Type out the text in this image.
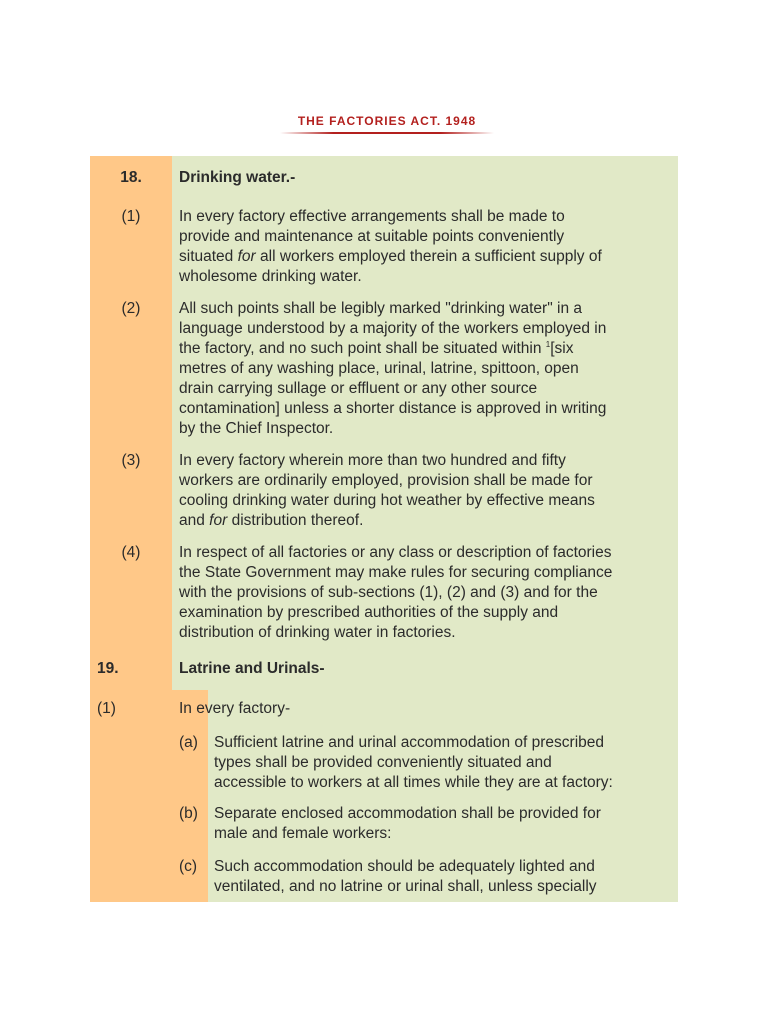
THE FACTORIES ACT. 1948
18.	Drinking water.-
(1)	In every factory effective arrangements shall be made to
provide and maintenance at suitable points conveniently
situated for all workers employed therein a sufficient supply of
wholesome drinking water.
(2)	All such points shall be legibly marked "drinking water" in a
language understood by a majority of the workers employed in
the factory, and no such point shall be situated within $^1$[six
metres of any washing place, urinal, latrine, spittoon, open
drain carrying sullage or effluent or any other source
contamination] unless a shorter distance is approved in writing
by the Chief Inspector.
(3)	In every factory wherein more than two hundred and fifty
workers are ordinarily employed, provision shall be made for
cooling drinking water during hot weather by effective means
and for distribution thereof.
(4)	In respect of all factories or any class or description of factories
the State Government may make rules for securing compliance
with the provisions of sub-sections (1), (2) and (3) and for the
examination by prescribed authorities of the supply and
distribution of drinking water in factories.
19.	Latrine and Urinals-
(1)	In every factory-
(a) Sufficient latrine and urinal accommodation of prescribed
types shall be provided conveniently situated and
accessible to workers at all times while they are at factory:
(b) Separate enclosed accommodation shall be provided for
male and female workers:
(c) Such accommodation should be adequately lighted and
ventilated, and no latrine or urinal shall, unless specially
